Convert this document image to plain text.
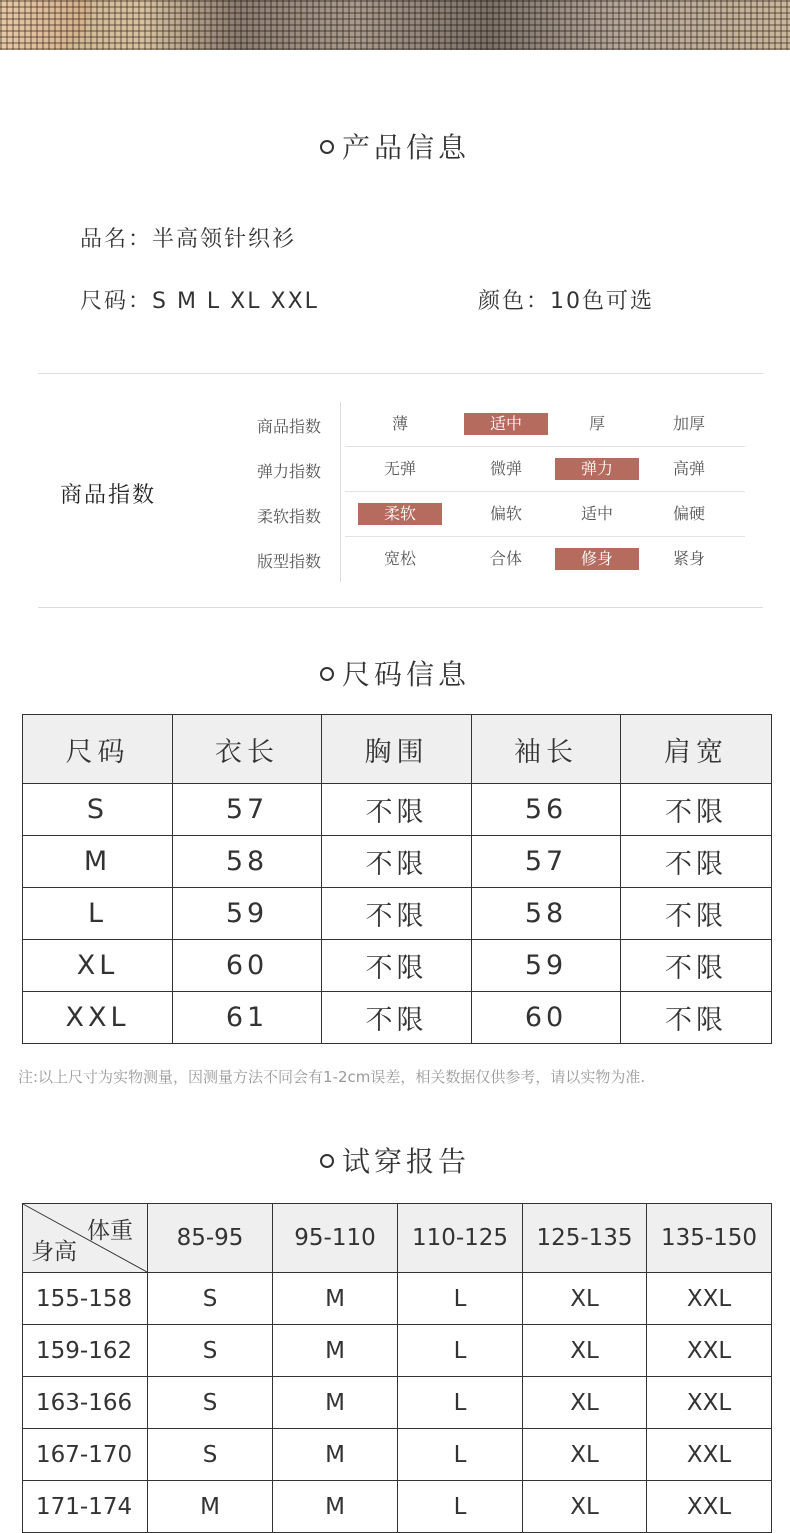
产品信息
品名：半高领针织衫
尺码：S M L XL XXL	颜色：10色可选
商品指数
商品指数	薄	适中	厚	加厚
弹力指数	无弹	微弹	弹力	高弹
柔软指数	柔软	偏软	适中	偏硬
版型指数	宽松	合体	修身	紧身
尺码信息
尺码	衣长	胸围	袖长	肩宽
S	57	不限	56	不限
M	58	不限	57	不限
L	59	不限	58	不限
XL	60	不限	59	不限
XXL	61	不限	60	不限
注:以上尺寸为实物测量，因测量方法不同会有1-2cm误差，相关数据仅供参考，请以实物为准.
试穿报告
体重
身高	85-95	95-110	110-125	125-135	135-150
155-158	S	M	L	XL	XXL
159-162	S	M	L	XL	XXL
163-166	S	M	L	XL	XXL
167-170	S	M	L	XL	XXL
171-174	M	M	L	XL	XXL
